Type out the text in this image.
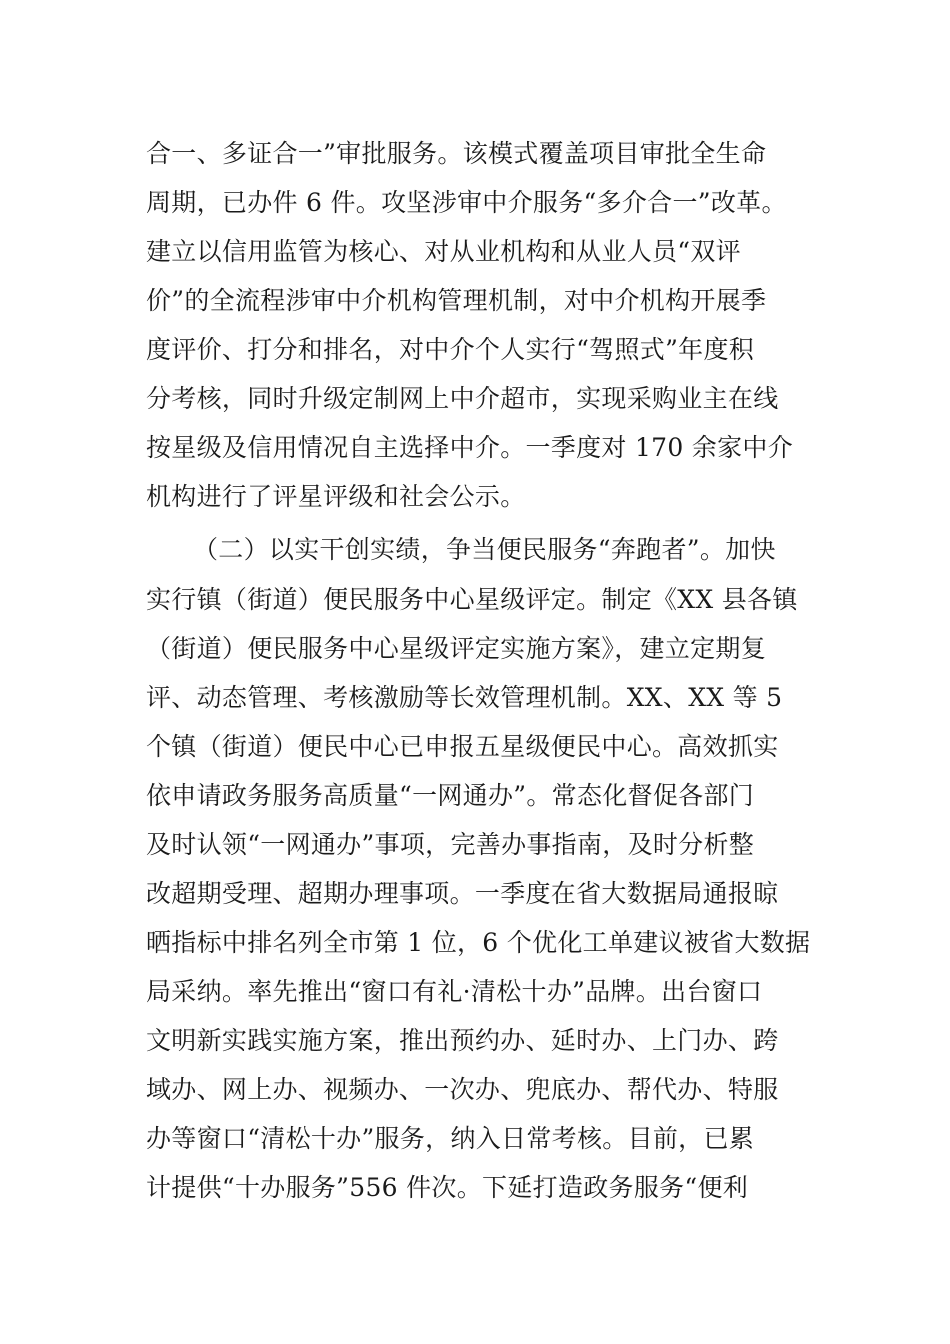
合一、多证合一”审批服务。该模式覆盖项目审批全生命
周期，已办件 6 件。攻坚涉审中介服务“多介合一”改革。
建立以信用监管为核心、对从业机构和从业人员“双评
价”的全流程涉审中介机构管理机制，对中介机构开展季
度评价、打分和排名，对中介个人实行“驾照式”年度积
分考核，同时升级定制网上中介超市，实现采购业主在线
按星级及信用情况自主选择中介。一季度对 170 余家中介
机构进行了评星评级和社会公示。
（二）以实干创实绩，争当便民服务“奔跑者”。加快
实行镇（街道）便民服务中心星级评定。制定《XX 县各镇
（街道）便民服务中心星级评定实施方案》，建立定期复
评、动态管理、考核激励等长效管理机制。XX、XX 等 5
个镇（街道）便民中心已申报五星级便民中心。高效抓实
依申请政务服务高质量“一网通办”。常态化督促各部门
及时认领“一网通办”事项，完善办事指南，及时分析整
改超期受理、超期办理事项。一季度在省大数据局通报晾
晒指标中排名列全市第 1 位，6 个优化工单建议被省大数据
局采纳。率先推出“窗口有礼·清松十办”品牌。出台窗口
文明新实践实施方案，推出预约办、延时办、上门办、跨
域办、网上办、视频办、一次办、兜底办、帮代办、特服
办等窗口“清松十办”服务，纳入日常考核。目前，已累
计提供“十办服务”556 件次。下延打造政务服务“便利
